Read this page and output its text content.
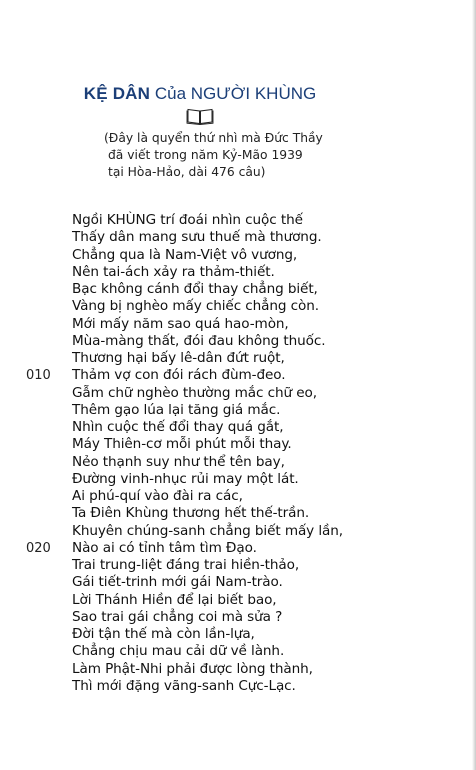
KỆ DÂN Của NGƯỜI KHÙNG
(Đây là quyển thứ nhì mà Đức Thầy
đã viết trong năm Kỷ-Mão 1939
tại Hòa-Hảo, dài 476 câu)
Ngồi KHÙNG trí đoái nhìn cuộc thế
Thấy dân mang sưu thuế mà thương.
Chẳng qua là Nam-Việt vô vương,
Nên tai-ách xảy ra thảm-thiết.
Bạc không cánh đổi thay chẳng biết,
Vàng bị nghèo mấy chiếc chẳng còn.
Mới mấy năm sao quá hao-mòn,
Mùa-màng thất, đói đau không thuốc.
Thương hại bấy lê-dân đứt ruột,
010 Thảm vợ con đói rách đùm-đeo.
Gẫm chữ nghèo thường mắc chữ eo,
Thêm gạo lúa lại tăng giá mắc.
Nhìn cuộc thế đổi thay quá gắt,
Máy Thiên-cơ mỗi phút mỗi thay.
Nẻo thạnh suy như thể tên bay,
Đường vinh-nhục rủi may một lát.
Ai phú-quí vào đài ra các,
Ta Điên Khùng thương hết thế-trần.
Khuyên chúng-sanh chẳng biết mấy lần,
020 Nào ai có tỉnh tâm tìm Đạo.
Trai trung-liệt đáng trai hiền-thảo,
Gái tiết-trinh mới gái Nam-trào.
Lời Thánh Hiền để lại biết bao,
Sao trai gái chẳng coi mà sửa ?
Đời tận thế mà còn lần-lựa,
Chẳng chịu mau cải dữ về lành.
Làm Phật-Nhi phải được lòng thành,
Thì mới đặng vãng-sanh Cực-Lạc.
